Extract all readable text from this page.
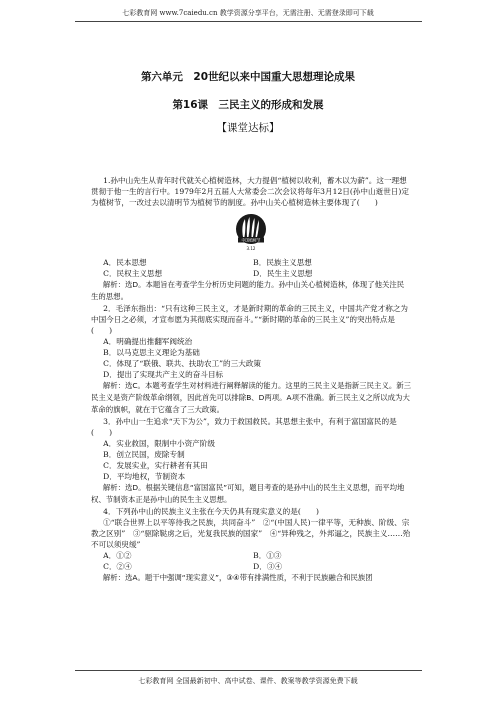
七彩教育网 www.7caiedu.cn 教学资源分享平台，无需注册、无需登录即可下载
第六单元　20世纪以来中国重大思想理论成果
第16课　三民主义的形成和发展
【课堂达标】

1.孙中山先生从青年时代就关心植树造林，大力提倡“植树以收利，蓄木以为薪”。这一理想贯彻于他一生的言行中。1979年2月五届人大常委会二次会议将每年3月12日(孙中山逝世日)定为植树节，一改过去以清明节为植树节的制度。孙中山关心植树造林主要体现了(　　)

中国植树节
3.12
A．民本思想	B．民族主义思想
C．民权主义思想	D．民生主义思想

解析：选D。本题旨在考查学生分析历史问题的能力。孙中山关心植树造林，体现了他关注民生的思想。

2．毛泽东指出：“只有这种三民主义，才是新时期的革命的三民主义，中国共产党才称之为中国今日之必须，才宣布愿为其彻底实现而奋斗。”“新时期的革命的三民主义”的突出特点是(　　)

A．明确提出推翻军阀统治

B．以马克思主义理论为基础

C．体现了“联俄、联共、扶助农工”的三大政策

D．提出了实现共产主义的奋斗目标

解析：选C。本题考查学生对材料进行阐释解读的能力。这里的三民主义是指新三民主义。新三民主义是资产阶级革命纲领，因此首先可以排除B、D两项。A项不准确。新三民主义之所以成为大革命的旗帜，就在于它蕴含了三大政策。

3．孙中山一生追求“天下为公”，致力于救国救民。其思想主张中，有利于富国富民的是(　　)

A．实业救国，限制中小资产阶级

B．创立民国，废除专制

C．发展实业，实行耕者有其田

D．平均地权，节制资本

解析：选D。根据关键信息“富国富民”可知，题目考查的是孙中山的民生主义思想，而平均地权、节制资本正是孙中山的民生主义思想。

4．下列孙中山的民族主义主张在今天仍具有现实意义的是(　　)

①“联合世界上以平等待我之民族，共同奋斗”　②“(中国人民)一律平等，无种族、阶级、宗教之区别”　③“驱除鞑虏之后，光复我民族的国家”　④“异种残之，外邦逼之，民族主义……殆不可以须臾缓”

A．①②	B．①③
C．②④	D．③④

解析：选A。题干中强调“现实意义”，③④带有排满性质，不利于民族融合和民族团

七彩教育网 全国最新初中、高中试卷、课件、教案等教学资源免费下载
